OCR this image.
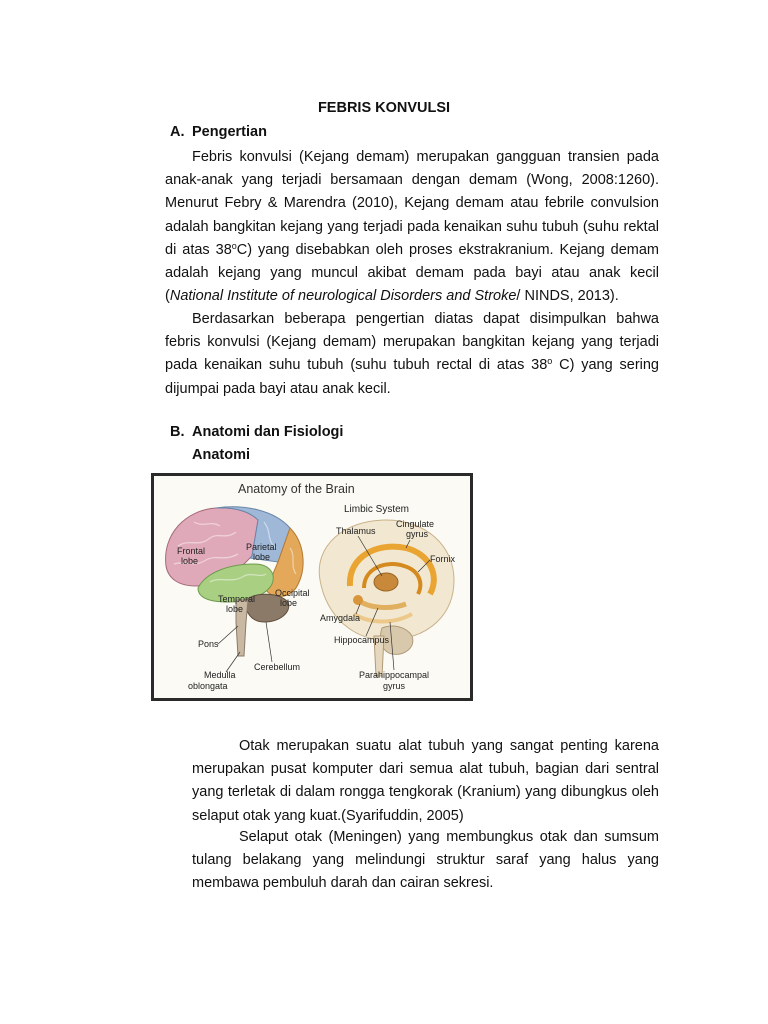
FEBRIS KONVULSI
A. Pengertian

Febris konvulsi (Kejang demam) merupakan gangguan transien pada anak-anak yang terjadi bersamaan dengan demam (Wong, 2008:1260). Menurut Febry & Marendra (2010), Kejang demam atau febrile convulsion adalah bangkitan kejang yang terjadi pada kenaikan suhu tubuh (suhu rektal di atas 38$^o$C) yang disebabkan oleh proses ekstrakranium. Kejang demam adalah kejang yang muncul akibat demam pada bayi atau anak kecil (National Institute of neurological Disorders and Stroke/ NINDS, 2013).

Berdasarkan beberapa pengertian diatas dapat disimpulkan bahwa febris konvulsi (Kejang demam) merupakan bangkitan kejang yang terjadi pada kenaikan suhu tubuh (suhu tubuh rectal di atas 38$^o$ C) yang sering dijumpai pada bayi atau anak kecil.

B. Anatomi dan Fisiologi
Anatomi
Anatomy of the Brain
Frontal
lobe
Parietal
lobe
Temporal
lobe
Occipital
lobe
Pons
Medulla
oblongata
Cerebellum
Limbic System
Thalamus
Cingulate
gyrus
Fornix
Amygdala
Hippocampus
Parahippocampal
gyrus

Otak merupakan suatu alat tubuh yang sangat penting karena merupakan pusat komputer dari semua alat tubuh, bagian dari sentral yang terletak di dalam rongga tengkorak (Kranium) yang dibungkus oleh selaput otak yang kuat.(Syarifuddin, 2005)

Selaput otak (Meningen) yang membungkus otak dan sumsum tulang belakang yang melindungi struktur saraf yang halus yang membawa pembuluh darah dan cairan sekresi.
